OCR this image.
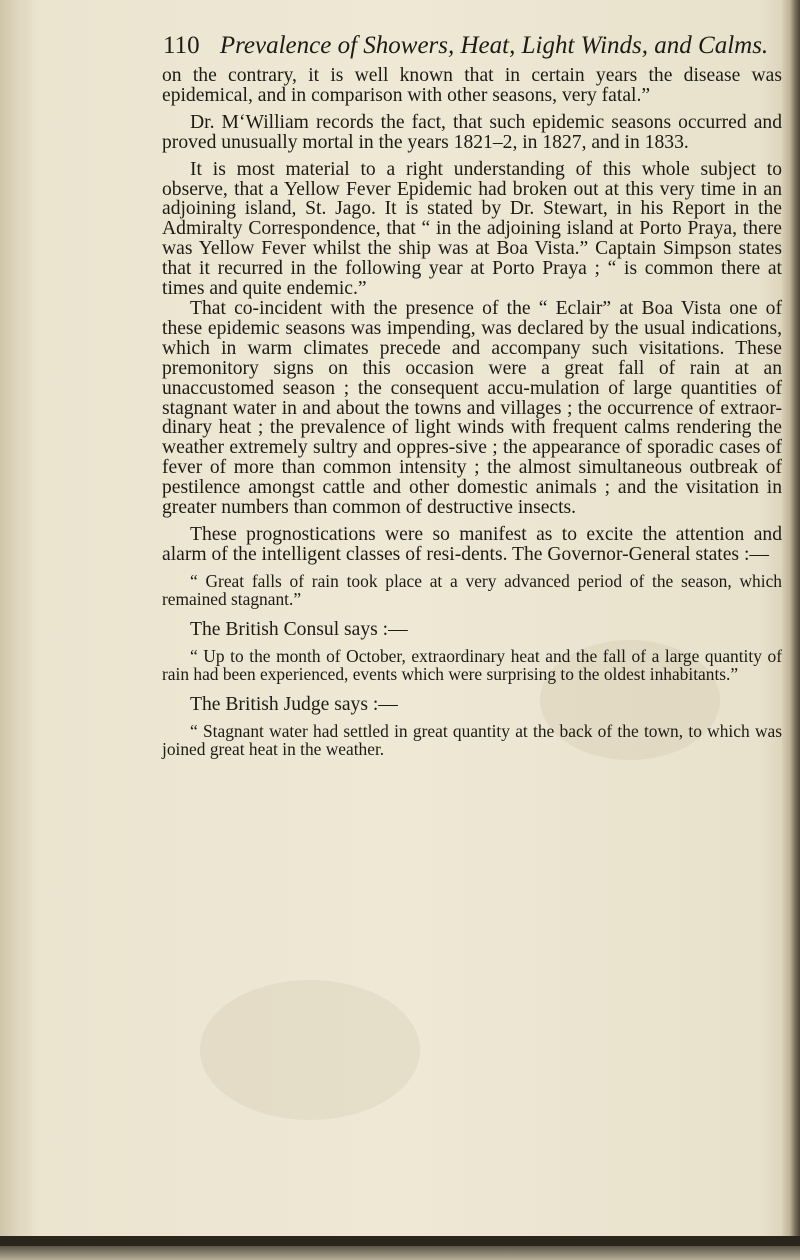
110 Prevalence of Showers, Heat, Light Winds, and Calms.

on the contrary, it is well known that in certain years the disease was epidemical, and in comparison with other seasons, very fatal.”

Dr. M‘William records the fact, that such epidemic seasons occurred and proved unusually mortal in the years 1821–2, in 1827, and in 1833.

It is most material to a right understanding of this whole subject to observe, that a Yellow Fever Epidemic had broken out at this very time in an adjoining island, St. Jago. It is stated by Dr. Stewart, in his Report in the Admiralty Correspondence, that “ in the adjoining island at Porto Praya, there was Yellow Fever whilst the ship was at Boa Vista.” Captain Simpson states that it recurred in the following year at Porto Praya ; “ is common there at times and quite endemic.”

That co-incident with the presence of the “ Eclair” at Boa Vista one of these epidemic seasons was impending, was declared by the usual indications, which in warm climates precede and accompany such visitations. These premonitory signs on this occasion were a great fall of rain at an unaccustomed season ; the consequent accu-mulation of large quantities of stagnant water in and about the towns and villages ; the occurrence of extraor-dinary heat ; the prevalence of light winds with frequent calms rendering the weather extremely sultry and oppres-sive ; the appearance of sporadic cases of fever of more than common intensity ; the almost simultaneous outbreak of pestilence amongst cattle and other domestic animals ; and the visitation in greater numbers than common of destructive insects.

These prognostications were so manifest as to excite the attention and alarm of the intelligent classes of resi-dents. The Governor-General states :—

“ Great falls of rain took place at a very advanced period of the season, which remained stagnant.”

The British Consul says :—

“ Up to the month of October, extraordinary heat and the fall of a large quantity of rain had been experienced, events which were surprising to the oldest inhabitants.”

The British Judge says :—

“ Stagnant water had settled in great quantity at the back of the town, to which was joined great heat in the weather.
